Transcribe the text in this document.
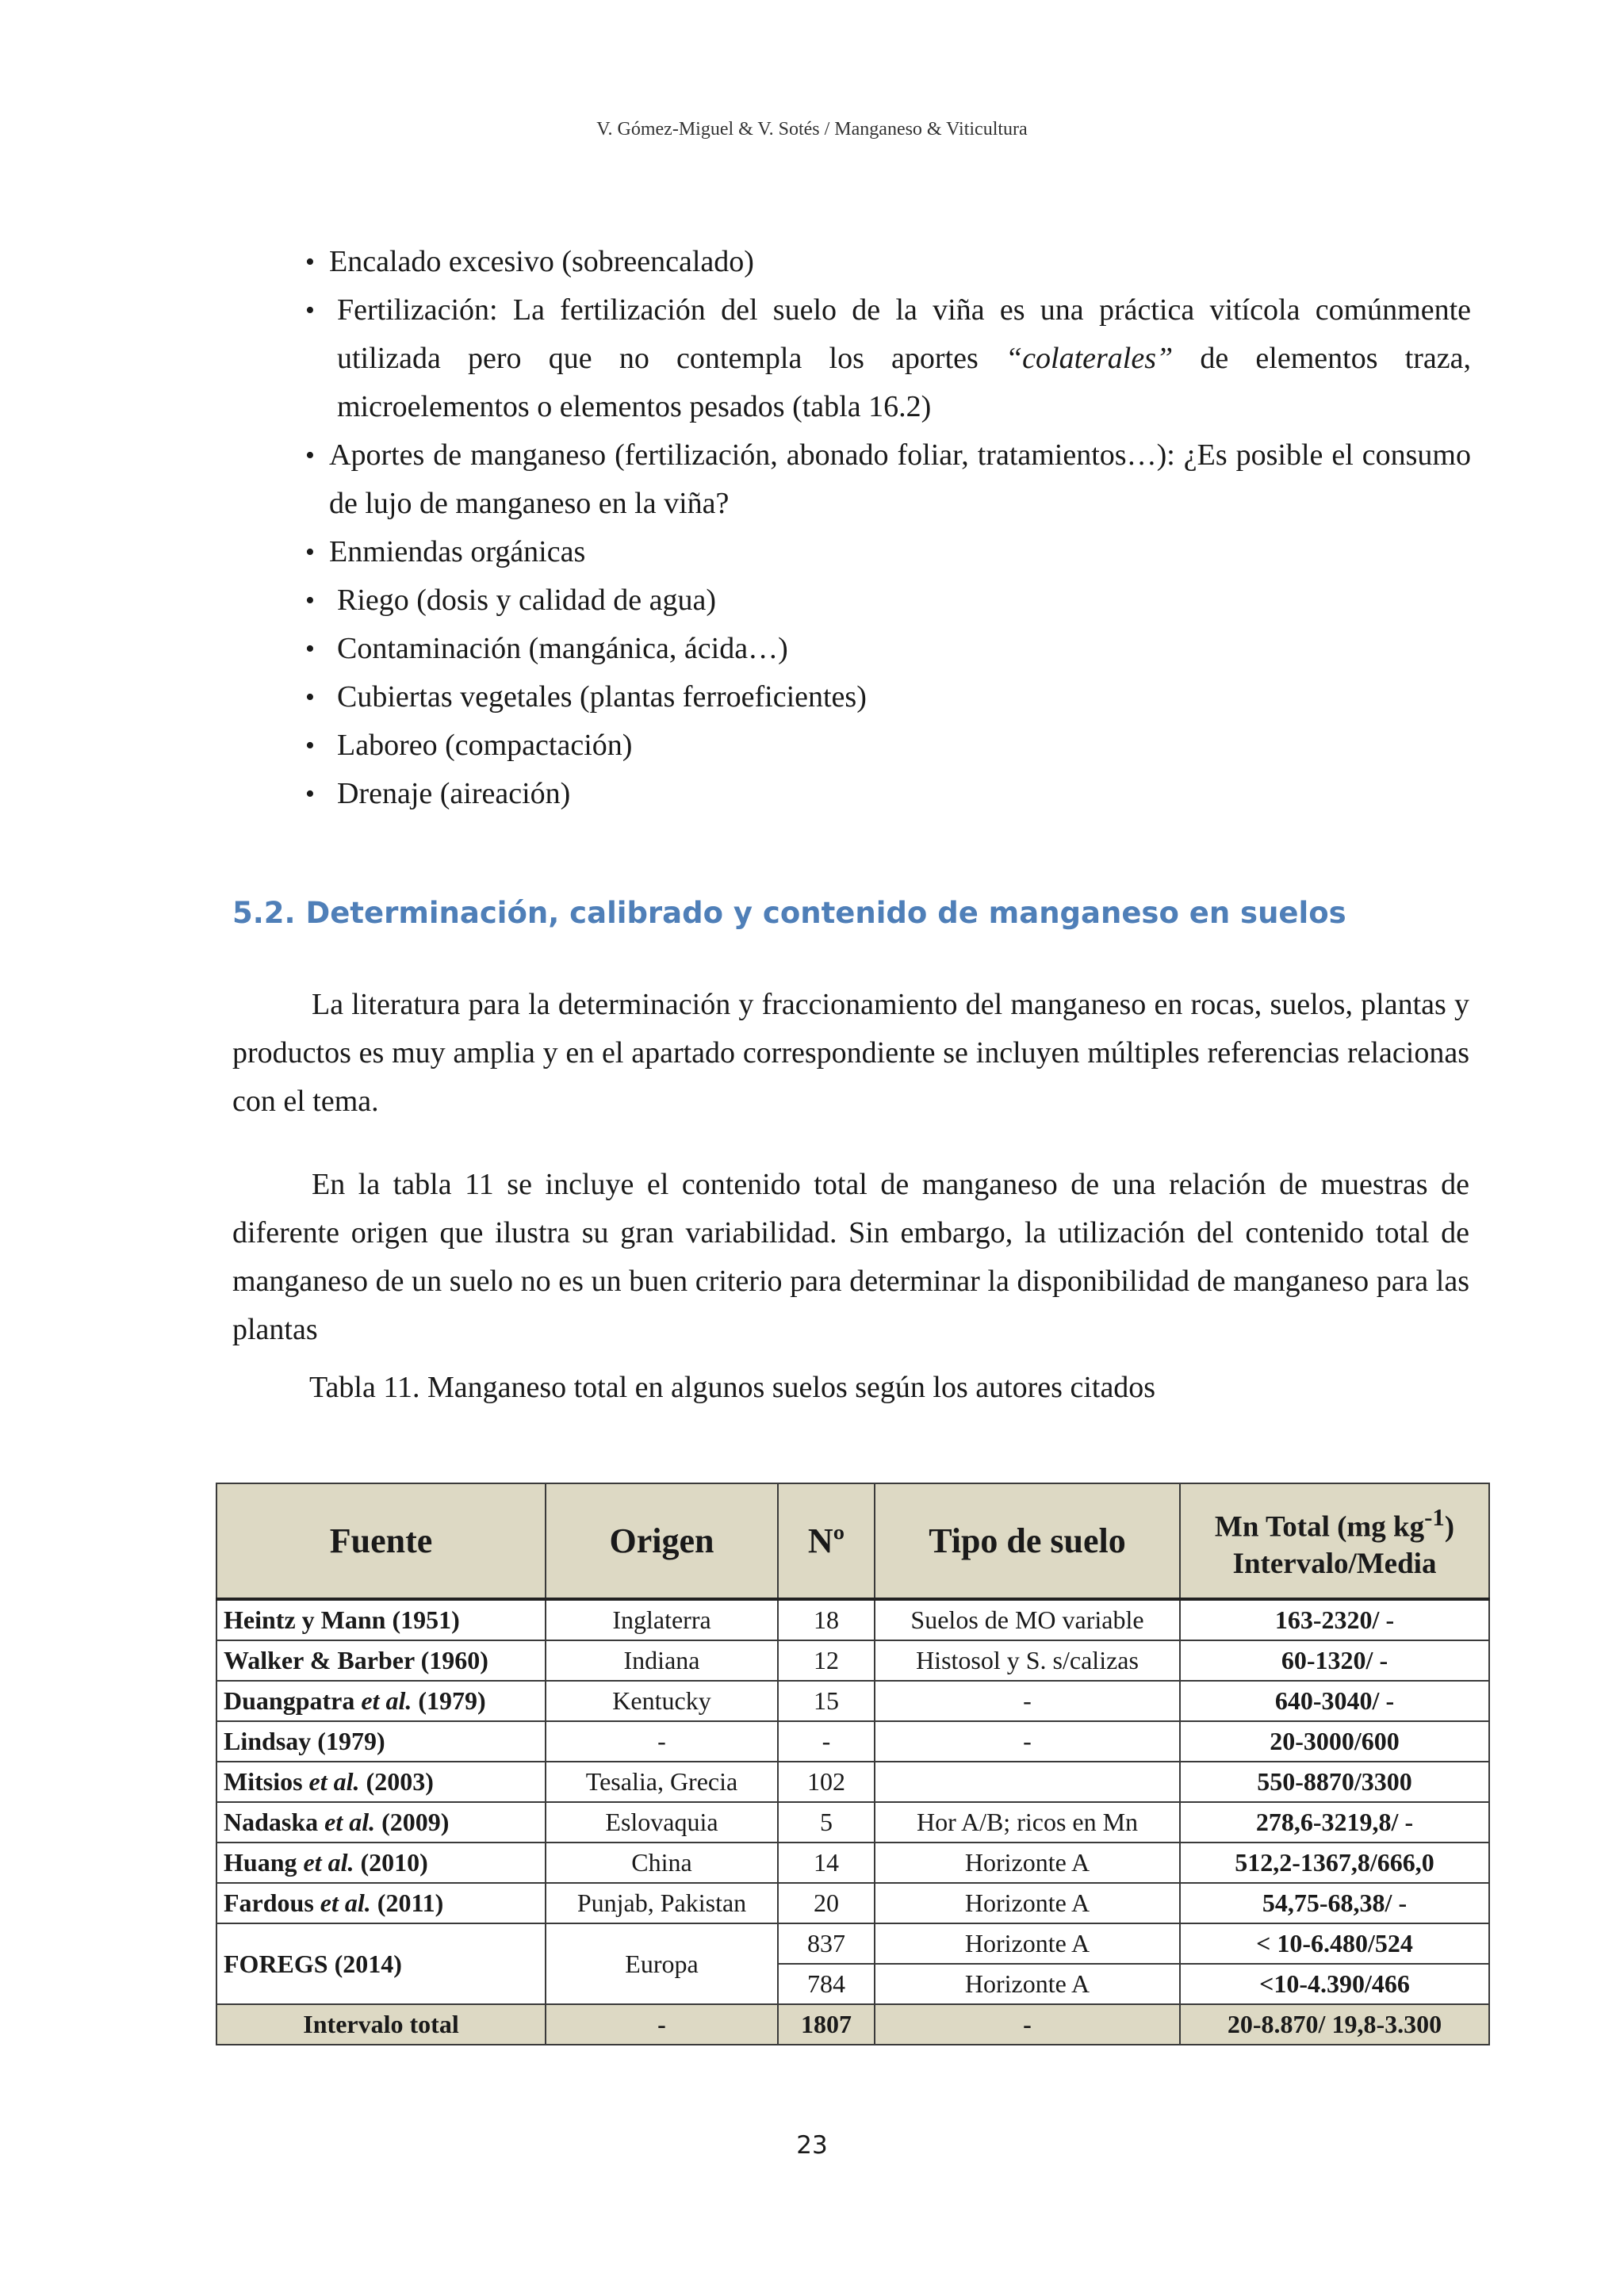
V. Gómez-Miguel & V. Sotés / Manganeso & Viticultura
• Encalado excesivo (sobreencalado)
• Fertilización: La fertilización del suelo de la viña es una práctica vitícola comúnmente utilizada pero que no contempla los aportes “colaterales” de elementos traza, microelementos o elementos pesados (tabla 16.2)
• Aportes de manganeso (fertilización, abonado foliar, tratamientos…): ¿Es posible el consumo de lujo de manganeso en la viña?
• Enmiendas orgánicas
• Riego (dosis y calidad de agua)
• Contaminación (mangánica, ácida…)
• Cubiertas vegetales (plantas ferroeficientes)
• Laboreo (compactación)
• Drenaje (aireación)
5.2. Determinación, calibrado y contenido de manganeso en suelos

La literatura para la determinación y fraccionamiento del manganeso en rocas, suelos, plantas y productos es muy amplia y en el apartado correspondiente se incluyen múltiples referencias relacionas con el tema.

En la tabla 11 se incluye el contenido total de manganeso de una relación de muestras de diferente origen que ilustra su gran variabilidad. Sin embargo, la utilización del contenido total de manganeso de un suelo no es un buen criterio para determinar la disponibilidad de manganeso para las plantas

Tabla 11. Manganeso total en algunos suelos según los autores citados

Fuente	Origen	Nº	Tipo de suelo	Mn Total (mg $kg^{-1}$)
Intervalo/Media
Heintz y Mann (1951)	Inglaterra	18	Suelos de MO variable	163-2320/ -
Walker & Barber (1960)	Indiana	12	Histosol y S. s/calizas	60-1320/ -
Duangpatra et al. (1979)	Kentucky	15	-	640-3040/ -
Lindsay (1979)	-	-	-	20-3000/600
Mitsios et al. (2003)	Tesalia, Grecia	102		550-8870/3300
Nadaska et al. (2009)	Eslovaquia	5	Hor A/B; ricos en Mn	278,6-3219,8/ -
Huang et al. (2010)	China	14	Horizonte A	512,2-1367,8/666,0
Fardous et al. (2011)	Punjab, Pakistan	20	Horizonte A	54,75-68,38/ -
FOREGS (2014)	Europa	837	Horizonte A	< 10-6.480/524
		784	Horizonte A	<10-4.390/466
Intervalo total	-	1807	-	20-8.870/ 19,8-3.300
23
